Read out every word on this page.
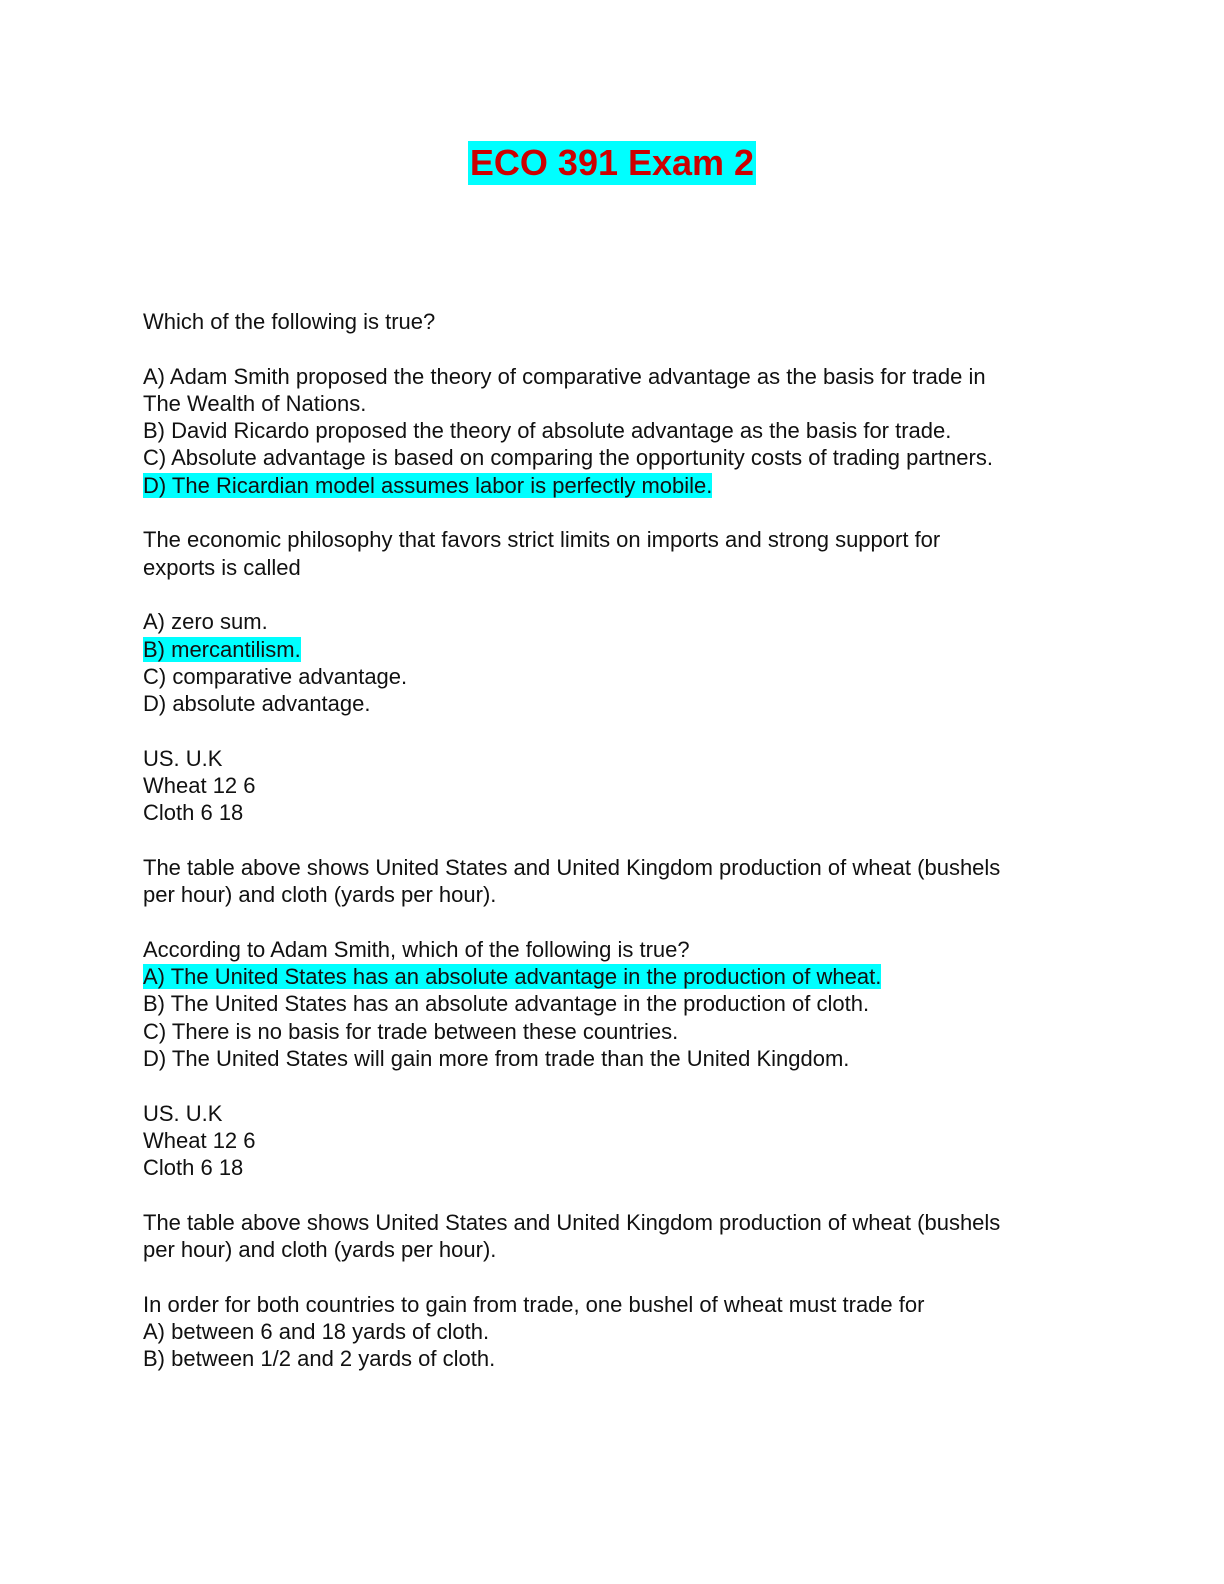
ECO 391 Exam 2
Which of the following is true?
A) Adam Smith proposed the theory of comparative advantage as the basis for trade in
The Wealth of Nations.
B) David Ricardo proposed the theory of absolute advantage as the basis for trade.
C) Absolute advantage is based on comparing the opportunity costs of trading partners.
D) The Ricardian model assumes labor is perfectly mobile.
The economic philosophy that favors strict limits on imports and strong support for
exports is called
A) zero sum.
B) mercantilism.
C) comparative advantage.
D) absolute advantage.
US. U.K
Wheat 12 6
Cloth 6 18
The table above shows United States and United Kingdom production of wheat (bushels
per hour) and cloth (yards per hour).
According to Adam Smith, which of the following is true?
A) The United States has an absolute advantage in the production of wheat.
B) The United States has an absolute advantage in the production of cloth.
C) There is no basis for trade between these countries.
D) The United States will gain more from trade than the United Kingdom.
US. U.K
Wheat 12 6
Cloth 6 18
The table above shows United States and United Kingdom production of wheat (bushels
per hour) and cloth (yards per hour).
In order for both countries to gain from trade, one bushel of wheat must trade for
A) between 6 and 18 yards of cloth.
B) between 1/2 and 2 yards of cloth.
